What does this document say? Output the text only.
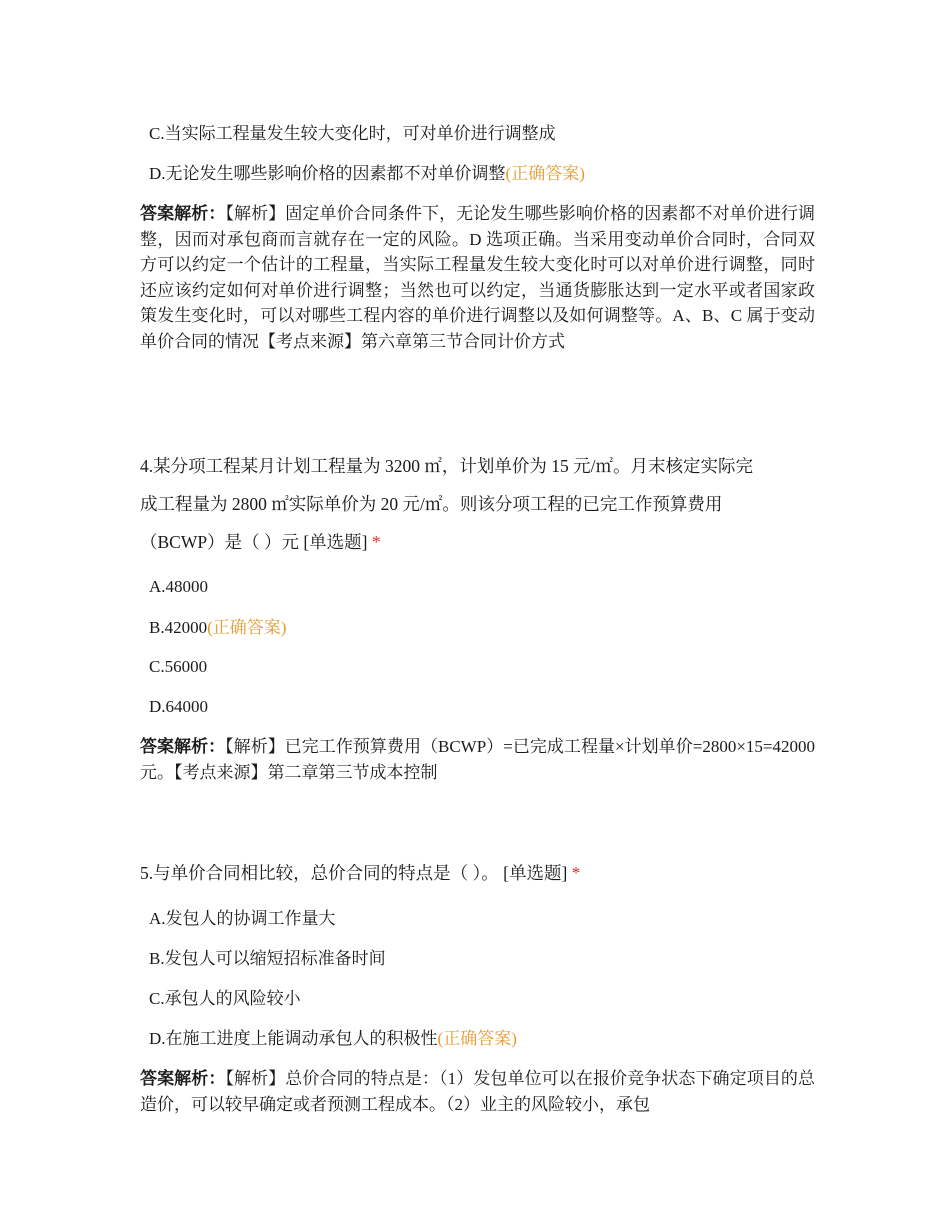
C.当实际工程量发生较大变化时，可对单价进行调整成
D.无论发生哪些影响价格的因素都不对单价调整(正确答案)
答案解析：【解析】固定单价合同条件下，无论发生哪些影响价格的因素都不对单价进行调整，因而对承包商而言就存在一定的风险。D 选项正确。当采用变动单价合同时，合同双方可以约定一个估计的工程量，当实际工程量发生较大变化时可以对单价进行调整，同时还应该约定如何对单价进行调整；当然也可以约定，当通货膨胀达到一定水平或者国家政策发生变化时，可以对哪些工程内容的单价进行调整以及如何调整等。A、B、C 属于变动单价合同的情况【考点来源】第六章第三节合同计价方式
4.某分项工程某月计划工程量为 3200 ㎡，计划单价为 15 元/㎡。月末核定实际完
成工程量为 2800 ㎡实际单价为 20 元/㎡。则该分项工程的已完工作预算费用
（BCWP）是（ ）元 [单选题] *
A.48000
B.42000(正确答案)
C.56000
D.64000
答案解析：【解析】已完工作预算费用（BCWP）=已完成工程量×计划单价=2800×15=42000 元。【考点来源】第二章第三节成本控制
5.与单价合同相比较，总价合同的特点是（ ）。 [单选题] *
A.发包人的协调工作量大
B.发包人可以缩短招标准备时间
C.承包人的风险较小
D.在施工进度上能调动承包人的积极性(正确答案)
答案解析：【解析】总价合同的特点是：（1）发包单位可以在报价竞争状态下确定项目的总造价，可以较早确定或者预测工程成本。（2）业主的风险较小，承包
